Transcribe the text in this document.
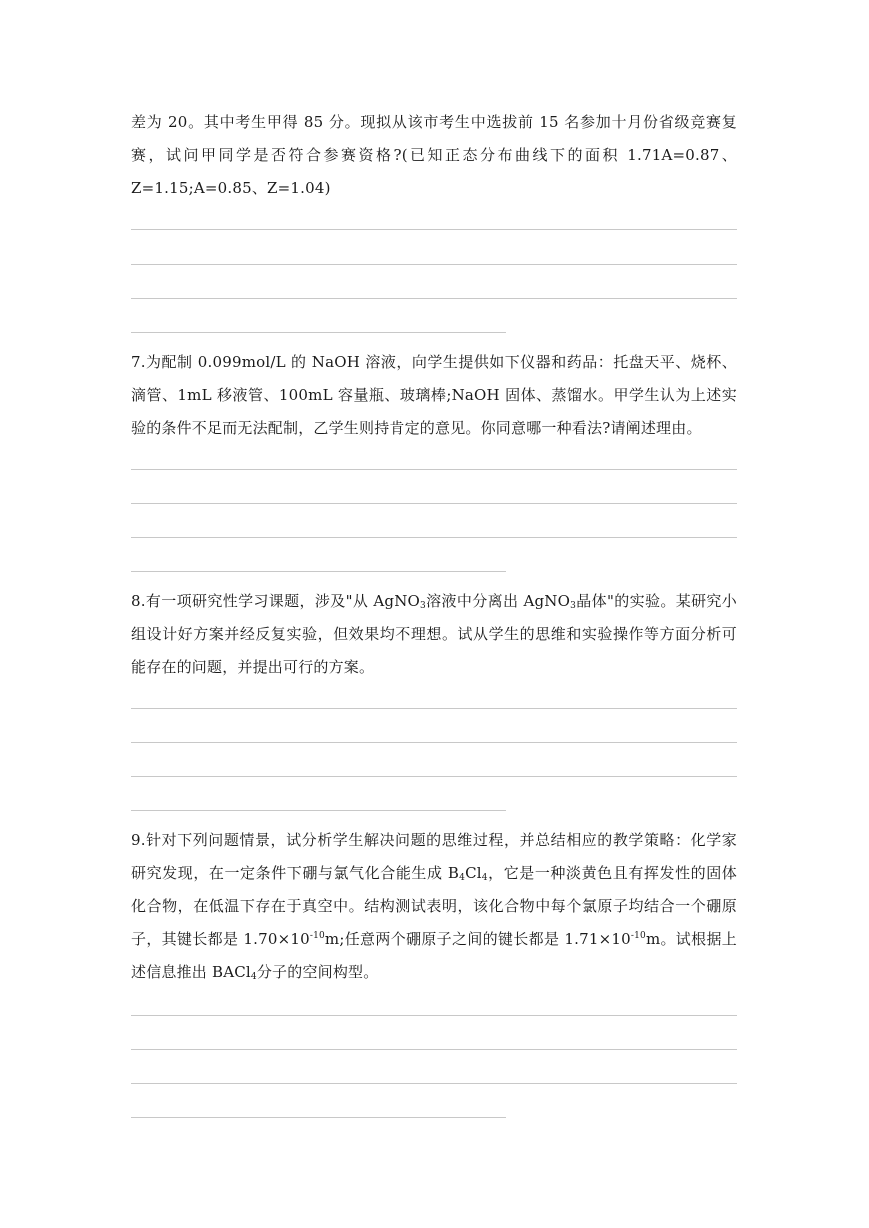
差为 20。其中考生甲得 85 分。现拟从该市考生中选拔前 15 名参加十月份省级竞赛复赛，试问甲同学是否符合参赛资格?(已知正态分布曲线下的面积 1.71A=0.87、Z=1.15;A=0.85、Z=1.04)
7.为配制 0.099mol/L 的 NaOH 溶液，向学生提供如下仪器和药品：托盘天平、烧杯、滴管、1mL 移液管、100mL 容量瓶、玻璃棒;NaOH 固体、蒸馏水。甲学生认为上述实验的条件不足而无法配制，乙学生则持肯定的意见。你同意哪一种看法?请阐述理由。
8.有一项研究性学习课题，涉及"从 AgNO$_3$溶液中分离出 AgNO$_3$晶体"的实验。某研究小组设计好方案并经反复实验，但效果均不理想。试从学生的思维和实验操作等方面分析可能存在的问题，并提出可行的方案。
9.针对下列问题情景，试分析学生解决问题的思维过程，并总结相应的教学策略：化学家研究发现，在一定条件下硼与氯气化合能生成 $B_4Cl_4$，它是一种淡黄色且有挥发性的固体化合物，在低温下存在于真空中。结构测试表明，该化合物中每个氯原子均结合一个硼原子，其键长都是 $1.70\times 10^{-10}m$;任意两个硼原子之间的键长都是 $1.71\times 10^{-10}m$。试根据上述信息推出 BACl$_4$分子的空间构型。
